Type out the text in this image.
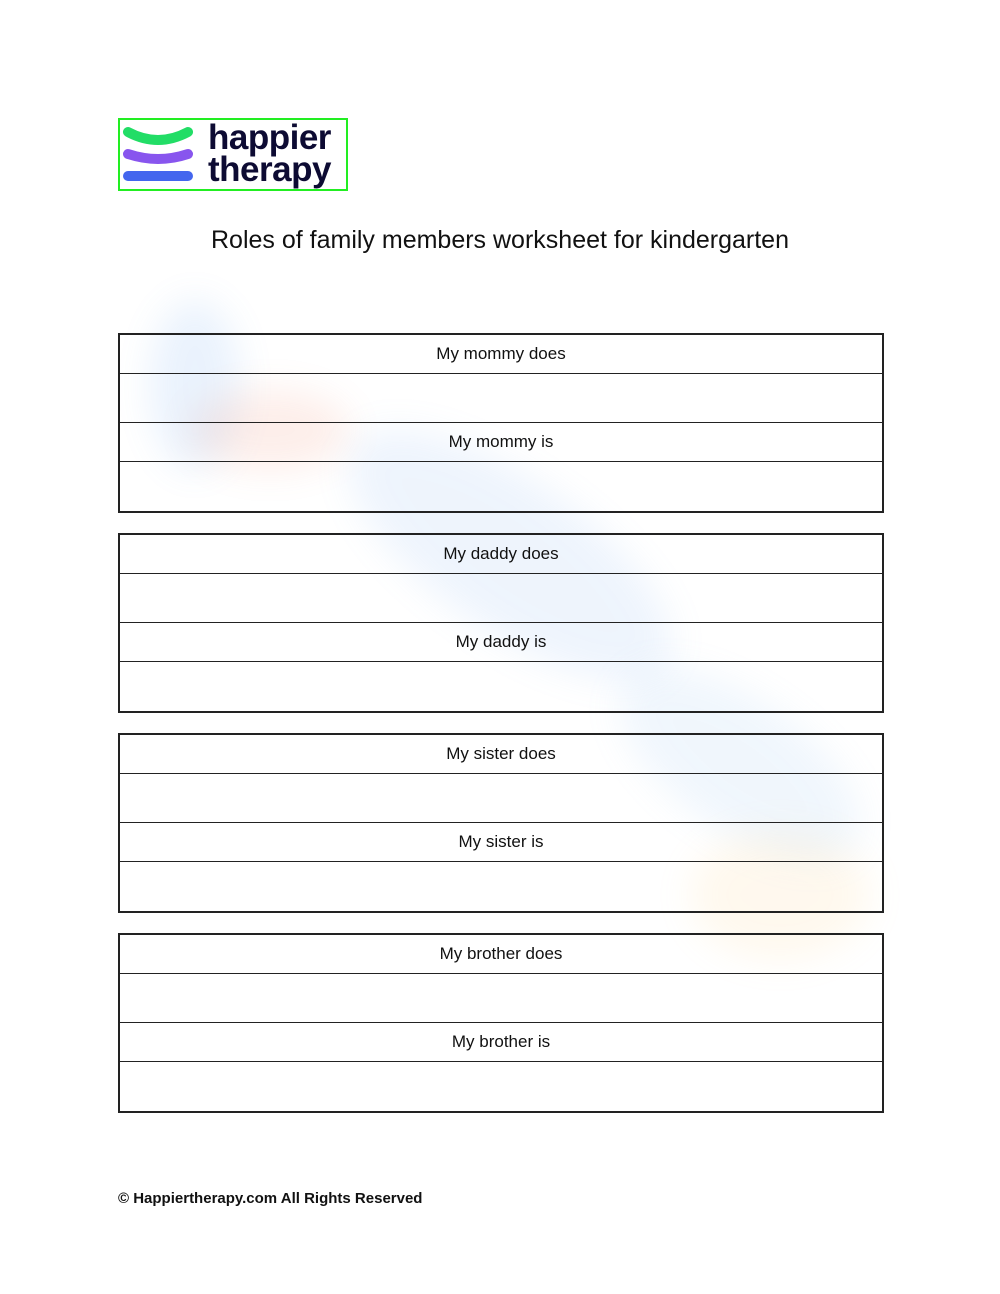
happier
therapy
Roles of family members worksheet for kindergarten
My mommy does
My mommy is
My daddy does
My daddy is
My sister does
My sister is
My brother does
My brother is
© Happiertherapy.com All Rights Reserved
